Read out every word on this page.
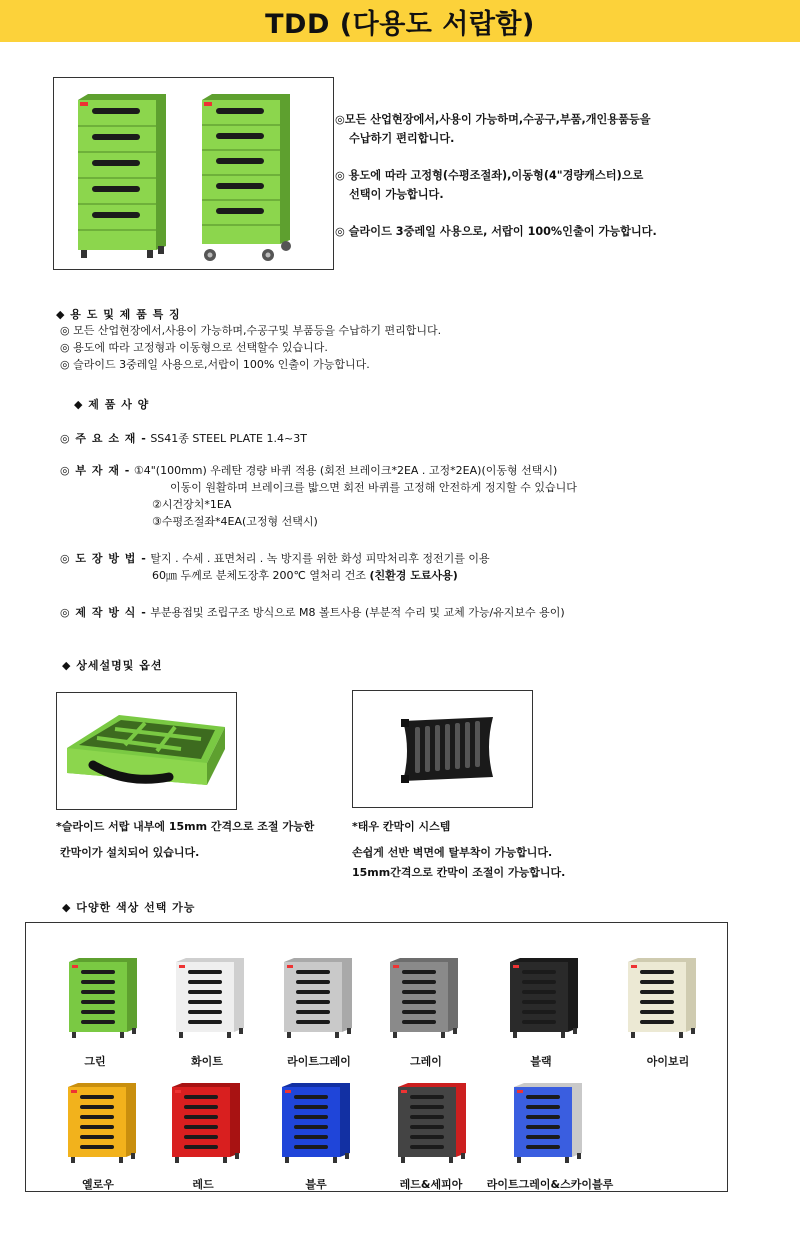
TDD (다용도 서랍함)

◎모든 산업현장에서,사용이 가능하며,수공구,부품,개인용품등을
수납하기 편리합니다.

◎ 용도에 따라 고정형(수평조절좌),이동형(4"경량캐스터)으로
선택이 가능합니다.

◎ 슬라이드 3중레일 사용으로, 서랍이 100%인출이 가능합니다.

◆ 용 도 및 제 품 특 징
◎ 모든 산업현장에서,사용이 가능하며,수공구및 부품등을 수납하기 편리합니다.
◎ 용도에 따라 고정형과 이동형으로 선택할수 있습니다.
◎ 슬라이드 3중레일 사용으로,서랍이 100% 인출이 가능합니다.
◆ 제 품 사 양
◎ 주 요 소 재 - SS41종 STEEL PLATE 1.4~3T
◎ 부 자 재 - ①4"(100mm) 우레탄 경량 바퀴 적용 (회전 브레이크*2EA . 고정*2EA)(이동형 선택시)
이동이 원활하며 브레이크를 밟으면 회전 바퀴를 고정해 안전하게 정지할 수 있습니다
②시건장치*1EA
③수평조절좌*4EA(고정형 선택시)
◎ 도 장 방 법 - 탈지 . 수세 . 표면처리 . 녹 방지를 위한 화성 피막처리후 정전기를 이용
60㎛ 두께로 분체도장후 200℃ 열처리 건조 (친환경 도료사용)
◎ 제 작 방 식 - 부분용접및 조립구조 방식으로 M8 볼트사용 (부분적 수리 및 교체 가능/유지보수 용이)
◆ 상세설명및 옵션
*슬라이드 서랍 내부에 15mm 간격으로 조절 가능한
칸막이가 설치되어 있습니다.
*태우 칸막이 시스템
손쉽게 선반 벽면에 탈부착이 가능합니다.
15mm간격으로 칸막이 조절이 가능합니다.
◆ 다양한 색상 선택 가능
그린	화이트	라이트그레이	그레이	블랙	아이보리
옐로우	레드	블루	레드&세피아	라이트그레이&스카이블루
